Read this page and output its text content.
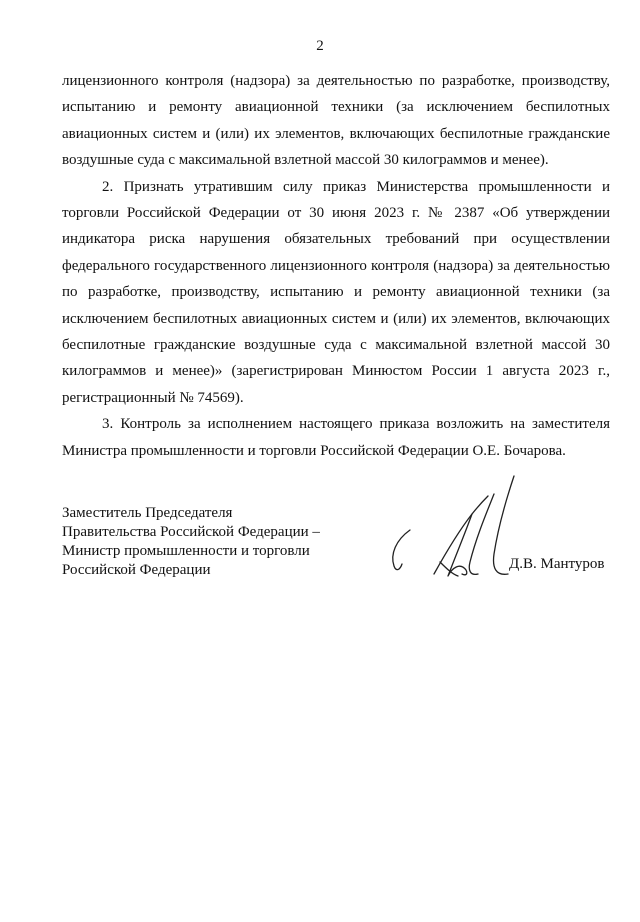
2

лицензионного контроля (надзора) за деятельностью по разработке, производству, испытанию и ремонту авиационной техники (за исключением беспилотных авиационных систем и (или) их элементов, включающих беспилотные гражданские воздушные суда с максимальной взлетной массой 30 килограммов и менее).

2. Признать утратившим силу приказ Министерства промышленности и торговли Российской Федерации от 30 июня 2023 г. № 2387 «Об утверждении индикатора риска нарушения обязательных требований при осуществлении федерального государственного лицензионного контроля (надзора) за деятельностью по разработке, производству, испытанию и ремонту авиационной техники (за исключением беспилотных авиационных систем и (или) их элементов, включающих беспилотные гражданские воздушные суда с максимальной взлетной массой 30 килограммов и менее)» (зарегистрирован Минюстом России 1 августа 2023 г., регистрационный № 74569).

3. Контроль за исполнением настоящего приказа возложить на заместителя Министра промышленности и торговли Российской Федерации О.Е. Бочарова.

Заместитель Председателя
Правительства Российской Федерации –
Министр промышленности и торговли
Российской Федерации	Д.В. Мантуров
